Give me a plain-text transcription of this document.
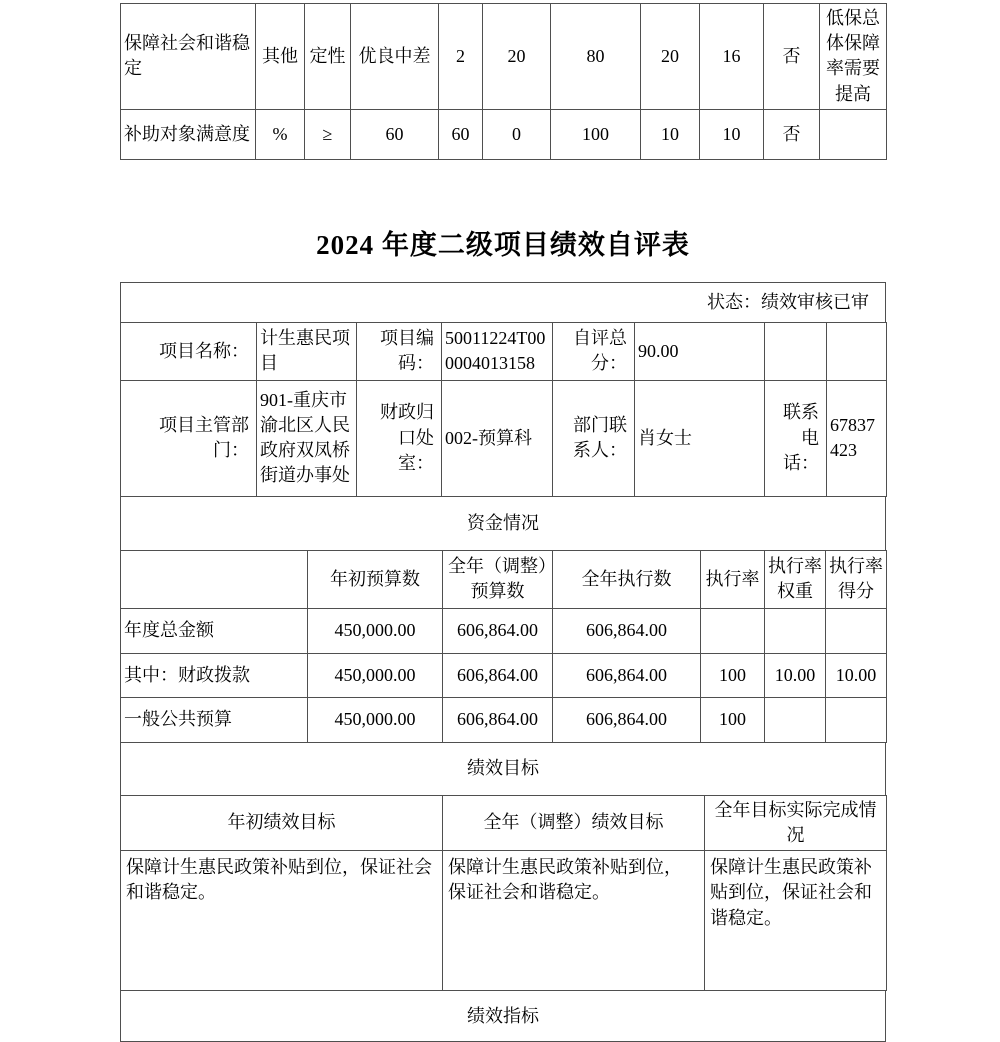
保障社会和谐稳定	其他	定性	优良中差	2	20	80	20	16	否	低保总体保障率需要提高
补助对象满意度	%	≥	60	60	0	100	10	10	否	
2024 年度二级项目绩效自评表
状态：绩效审核已审
项目名称：	计生惠民项目	项目编码：	50011224T000004013158	自评总分：	90.00		
项目主管部门：	901-重庆市渝北区人民政府双凤桥街道办事处	财政归口处室：	002-预算科	部门联系人：	肖女士	联系电话：	67837423
资金情况
	年初预算数	全年（调整）预算数	全年执行数	执行率	执行率权重	执行率得分
年度总金额	450,000.00	606,864.00	606,864.00			
其中：财政拨款	450,000.00	606,864.00	606,864.00	100	10.00	10.00
一般公共预算	450,000.00	606,864.00	606,864.00	100		
绩效目标
年初绩效目标	全年（调整）绩效目标	全年目标实际完成情况
保障计生惠民政策补贴到位，保证社会和谐稳定。	保障计生惠民政策补贴到位，保证社会和谐稳定。	保障计生惠民政策补贴到位，保证社会和谐稳定。
绩效指标
